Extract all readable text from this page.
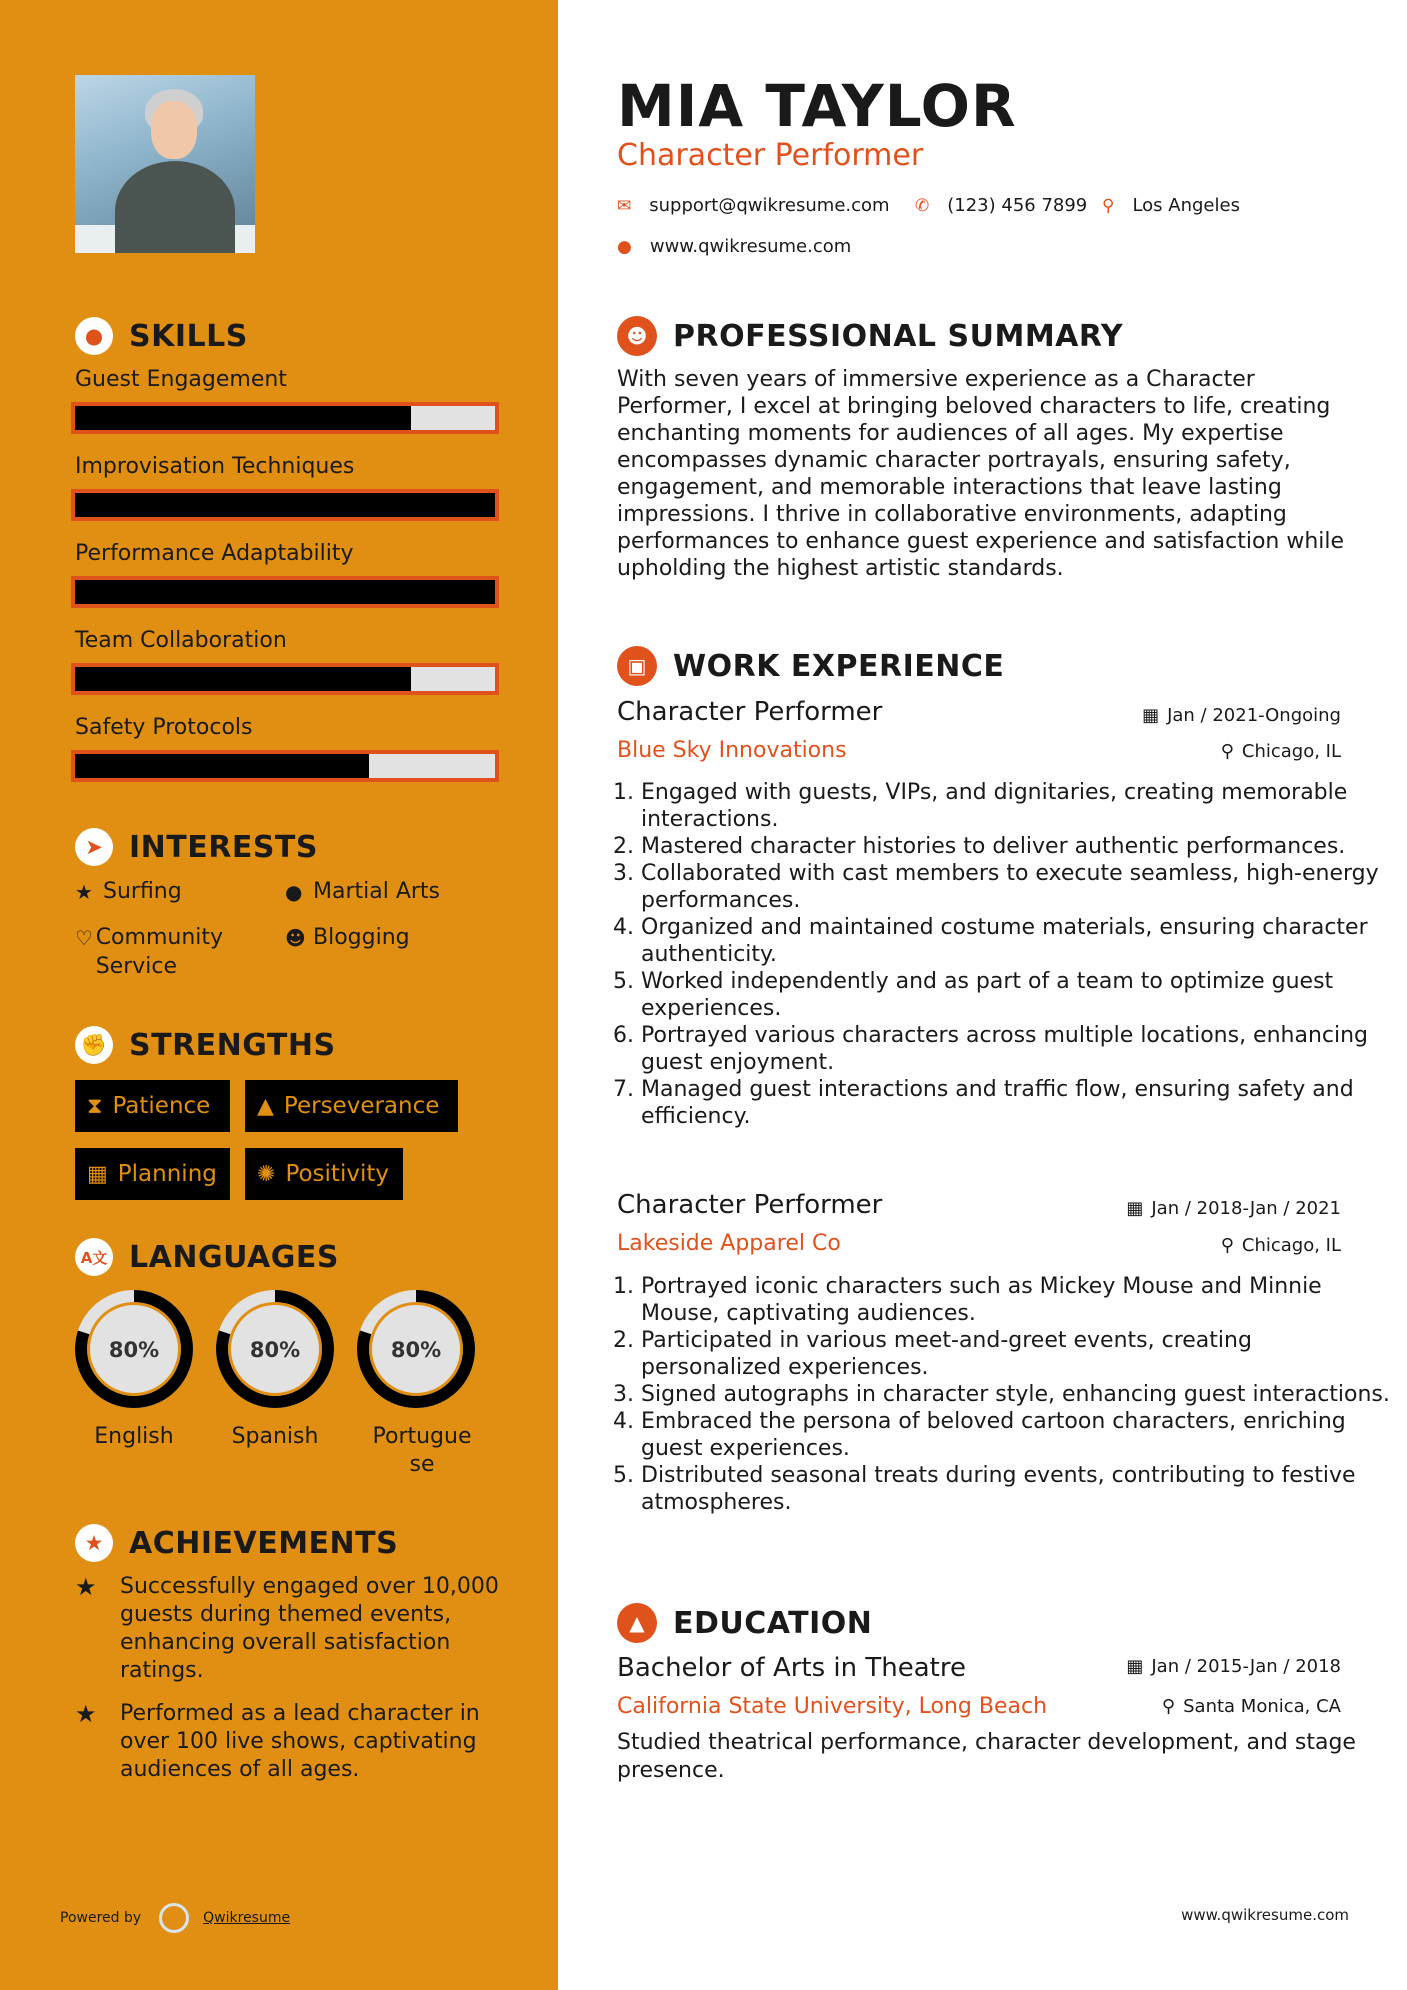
● SKILLS
Guest Engagement
Improvisation Techniques
Performance Adaptability
Team Collaboration
Safety Protocols
➤ INTERESTS
★ Surfing	● Martial Arts
♡ Community Service
☻ Blogging
✊ STRENGTHS
⧗ Patience ▲ Perseverance
▦ Planning ✺ Positivity
A文 LANGUAGES
80%
English
80%
Spanish
80%
Portuguese
★ ACHIEVEMENTS
★	Successfully engaged over 10,000 guests during themed events, enhancing overall satisfaction ratings.
★	Performed as a lead character in over 100 live shows, captivating audiences of all ages.
Powered by	Qwikresume
MIA TAYLOR
Character Performer
✉ support@qwikresume.com ✆ (123) 456 7899 ⚲ Los Angeles
● www.qwikresume.com
☻ PROFESSIONAL SUMMARY
With seven years of immersive experience as a Character Performer, I excel at bringing beloved characters to life, creating enchanting moments for audiences of all ages. My expertise encompasses dynamic character portrayals, ensuring safety, engagement, and memorable interactions that leave lasting impressions. I thrive in collaborative environments, adapting performances to enhance guest experience and satisfaction while upholding the highest artistic standards.
▣ WORK EXPERIENCE
Character Performer	▦ Jan / 2021-Ongoing
Blue Sky Innovations	⚲ Chicago, IL
1. Engaged with guests, VIPs, and dignitaries, creating memorable interactions.
2. Mastered character histories to deliver authentic performances.
3. Collaborated with cast members to execute seamless, high-energy performances.
4. Organized and maintained costume materials, ensuring character authenticity.
5. Worked independently and as part of a team to optimize guest experiences.
6. Portrayed various characters across multiple locations, enhancing guest enjoyment.
7. Managed guest interactions and traffic flow, ensuring safety and efficiency.
Character Performer	▦ Jan / 2018-Jan / 2021
Lakeside Apparel Co	⚲ Chicago, IL
1. Portrayed iconic characters such as Mickey Mouse and Minnie Mouse, captivating audiences.
2. Participated in various meet-and-greet events, creating personalized experiences.
3. Signed autographs in character style, enhancing guest interactions.
4. Embraced the persona of beloved cartoon characters, enriching guest experiences.
5. Distributed seasonal treats during events, contributing to festive atmospheres.
▲ EDUCATION
Bachelor of Arts in Theatre	▦ Jan / 2015-Jan / 2018
California State University, Long Beach	⚲ Santa Monica, CA
Studied theatrical performance, character development, and stage presence.
www.qwikresume.com
